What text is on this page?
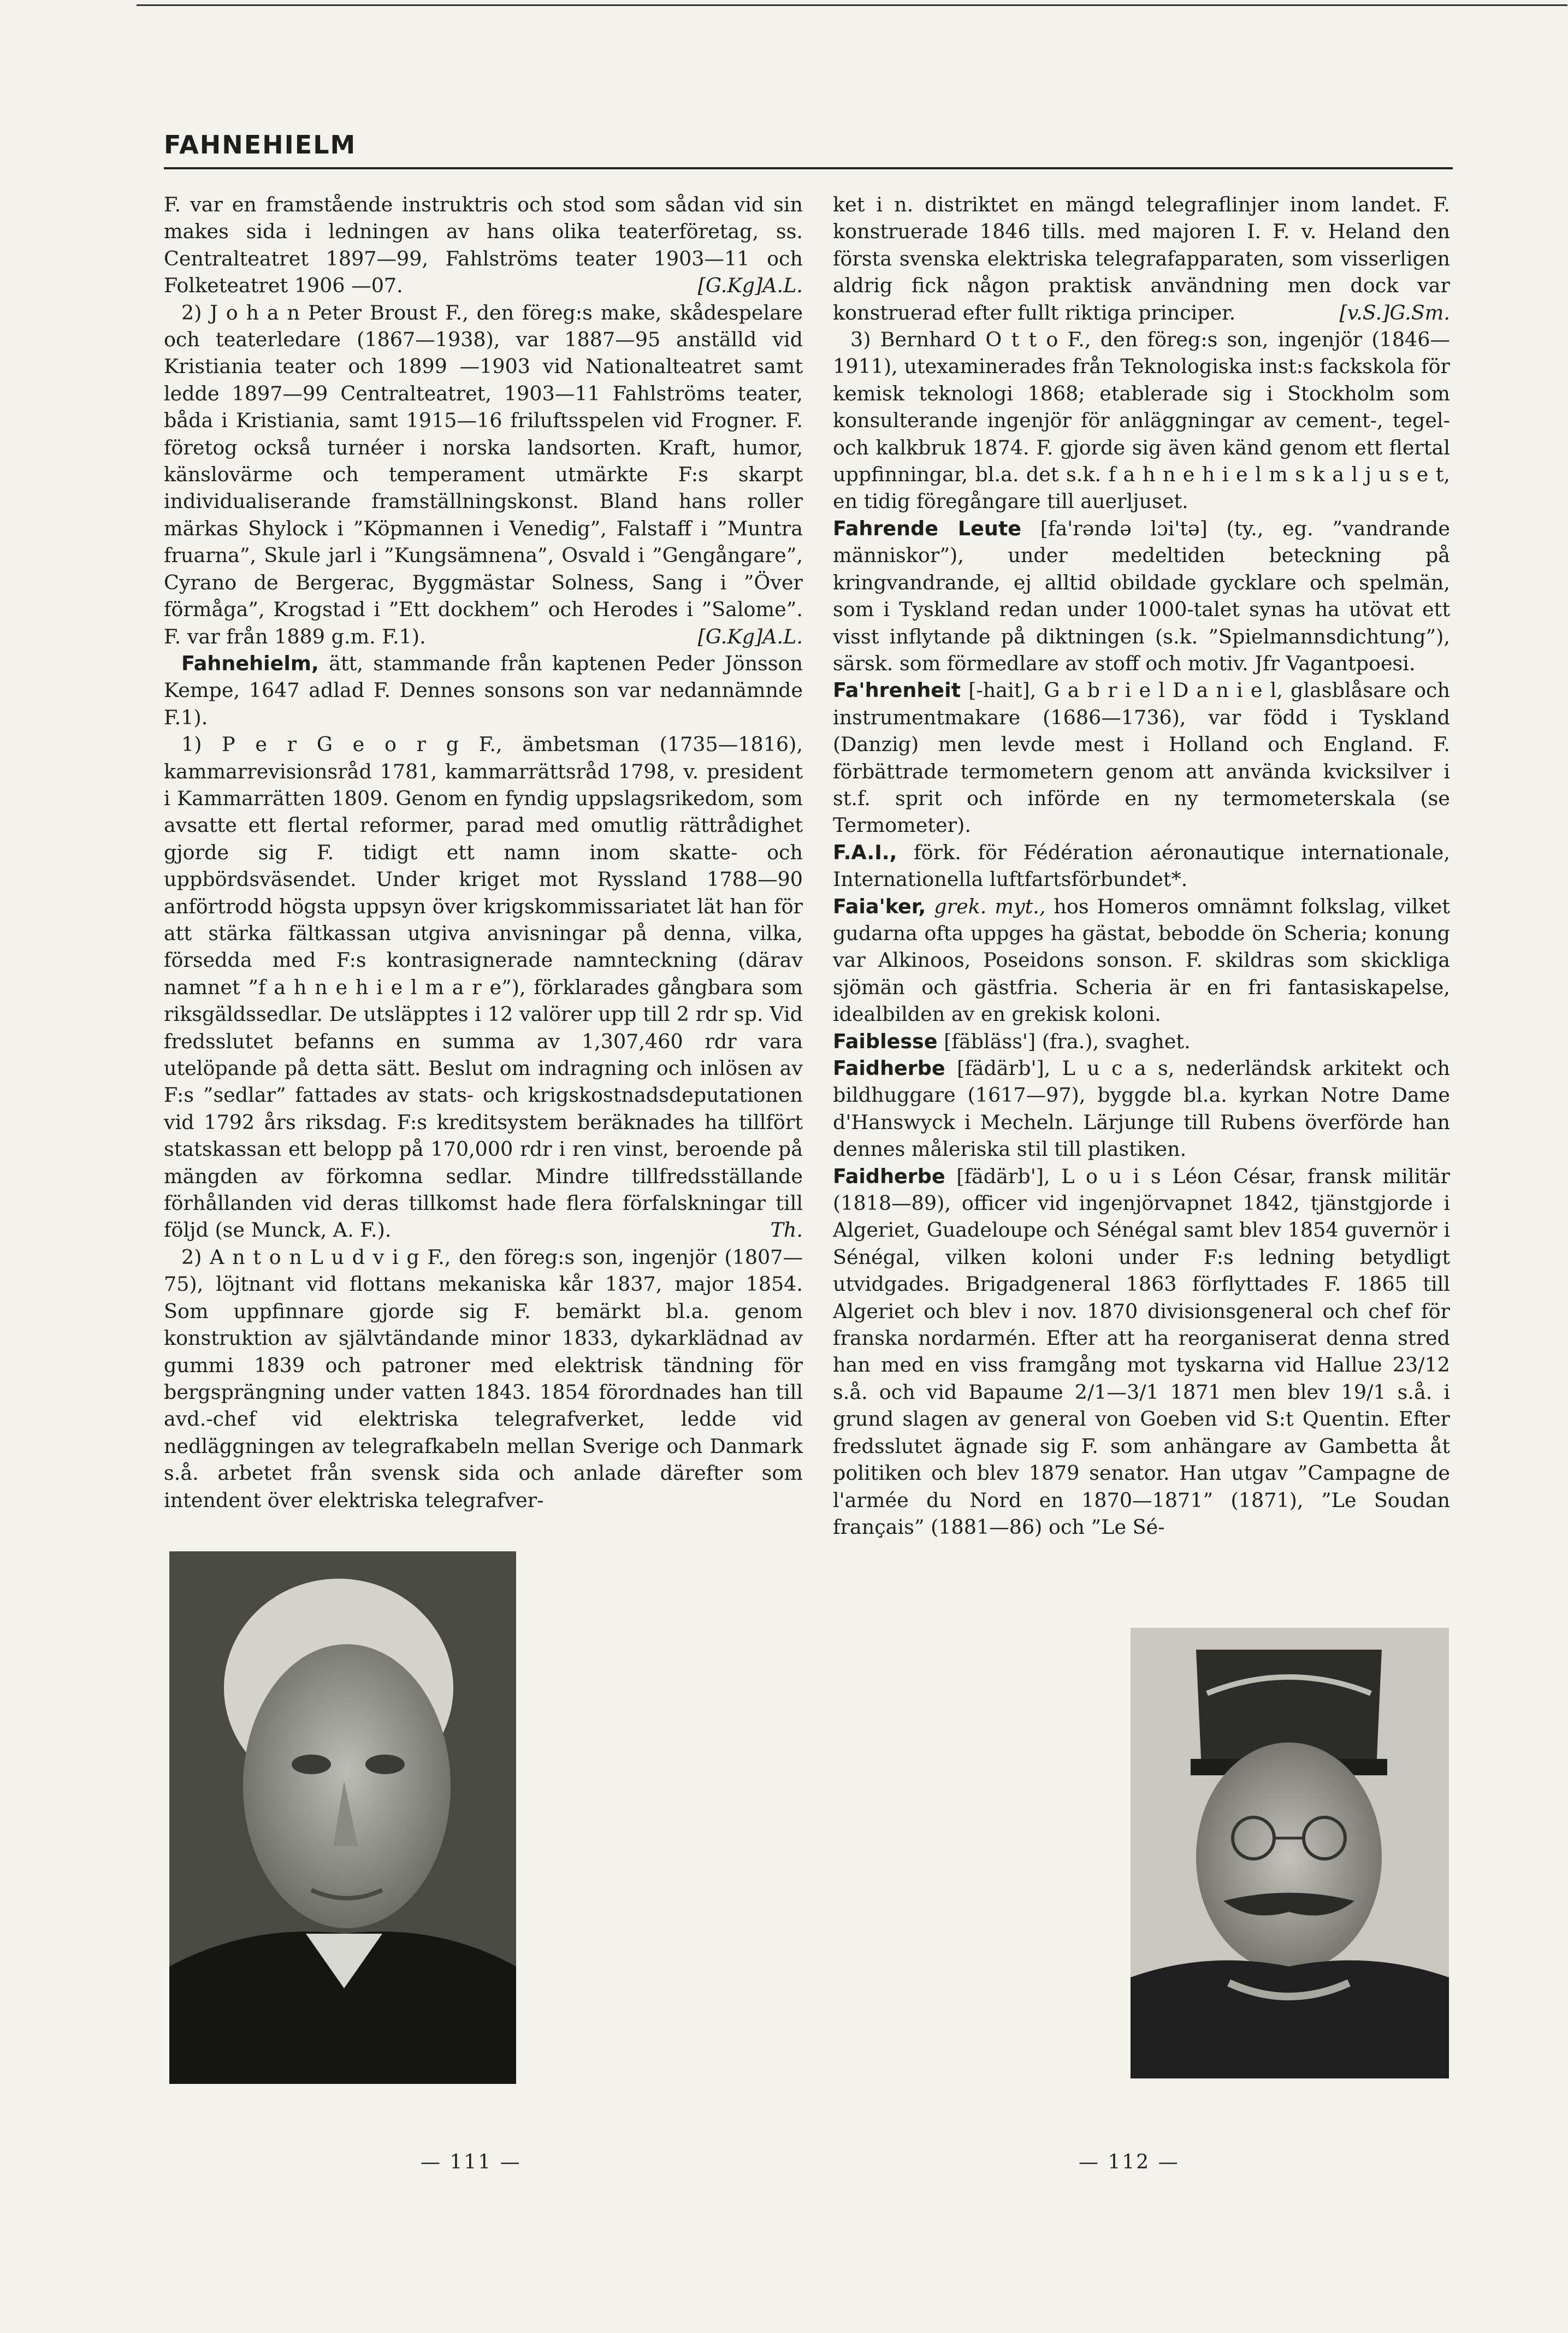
FAHNEHIELM

F. var en framstående instruktris och stod som sådan vid sin makes sida i ledningen av hans olika teaterföretag, ss. Centralteatret 1897—99, Fahlströms teater 1903—11 och Folketeatret 1906 —07.	[G.Kg]A.L.

2) J o h a n Peter Broust F., den föreg:s make, skådespelare och teaterledare (1867—1938), var 1887—95 anställd vid Kristiania teater och 1899 —1903 vid Nationalteatret samt ledde 1897—99 Centralteatret, 1903—11 Fahlströms teater, båda i Kristiania, samt 1915—16 friluftsspelen vid Frogner. F. företog också turnéer i norska landsorten. Kraft, humor, känslovärme och temperament utmärkte F:s skarpt individualiserande framställningskonst. Bland hans roller märkas Shylock i ”Köpmannen i Venedig”, Falstaff i ”Muntra fruarna”, Skule jarl i ”Kungsämnena”, Osvald i ”Gengångare”, Cyrano de Bergerac, Byggmästar Solness, Sang i ”Över förmåga”, Krogstad i ”Ett dockhem” och Herodes i ”Salome”. F. var från 1889 g.m. F.1).	[G.Kg]A.L.

Fahnehielm, ätt, stammande från kaptenen Peder Jönsson Kempe, 1647 adlad F. Dennes sonsons son var nedannämnde F.1).

1) P e r G e o r g F., ämbetsman (1735—1816), kammarrevisionsråd 1781, kammarrättsråd 1798, v. president i Kammarrätten 1809. Genom en fyndig uppslagsrikedom, som avsatte ett flertal reformer, parad med omutlig rättrådighet gjorde sig F. tidigt ett namn inom skatte- och uppbördsväsendet. Under kriget mot Ryssland 1788—90 anförtrodd högsta uppsyn över krigskommissariatet lät han för att stärka fältkassan utgiva anvisningar på denna, vilka, försedda med F:s kontrasignerade namnteckning (därav namnet ”f a h n e h i e l m a r e”), förklarades gångbara som riksgäldssedlar. De utsläpptes i 12 valörer upp till 2 rdr sp. Vid fredsslutet befanns en summa av 1,307,460 rdr vara utelöpande på detta sätt. Beslut om indragning och inlösen av F:s ”sedlar” fattades av stats- och krigskostnadsdeputationen vid 1792 års riksdag. F:s kreditsystem beräknades ha tillfört statskassan ett belopp på 170,000 rdr i ren vinst, beroende på mängden av förkomna sedlar. Mindre tillfredsställande förhållanden vid deras tillkomst hade flera förfalskningar till följd (se Munck, A. F.).	Th.

2) A n t o n L u d v i g F., den föreg:s son, ingenjör (1807—75), löjtnant vid flottans mekaniska kår 1837, major 1854. Som uppfinnare gjorde sig F. bemärkt bl.a. genom konstruktion av självtändande minor 1833, dykarklädnad av gummi 1839 och patroner med elektrisk tändning för bergsprängning under vatten 1843. 1854 förordnades han till avd.-chef vid elektriska telegrafverket, ledde vid nedläggningen av telegrafkabeln mellan Sverige och Danmark s.å. arbetet från svensk sida och anlade därefter som intendent över elektriska telegrafver-

ket i n. distriktet en mängd telegraflinjer inom landet. F. konstruerade 1846 tills. med majoren I. F. v. Heland den första svenska elektriska telegrafapparaten, som visserligen aldrig fick någon praktisk användning men dock var konstruerad efter fullt riktiga principer.	[v.S.]G.Sm.

3) Bernhard O t t o F., den föreg:s son, ingenjör (1846—1911), utexaminerades från Teknologiska inst:s fackskola för kemisk teknologi 1868; etablerade sig i Stockholm som konsulterande ingenjör för anläggningar av cement-, tegel- och kalkbruk 1874. F. gjorde sig även känd genom ett flertal uppfinningar, bl.a. det s.k. f a h n e h i e l m s k a l j u s e t, en tidig föregångare till auerljuset.

Fahrende Leute [fa'rəndə lɔi'tə] (ty., eg. ”vandrande människor”), under medeltiden beteckning på kringvandrande, ej alltid obildade gycklare och spelmän, som i Tyskland redan under 1000-talet synas ha utövat ett visst inflytande på diktningen (s.k. ”Spielmannsdichtung”), särsk. som förmedlare av stoff och motiv. Jfr Vagantpoesi.

Fa'hrenheit [-hait], G a b r i e l D a n i e l, glasblåsare och instrumentmakare (1686—1736), var född i Tyskland (Danzig) men levde mest i Holland och England. F. förbättrade termometern genom att använda kvicksilver i st.f. sprit och införde en ny termometerskala (se Termometer).

F.A.I., förk. för Fédération aéronautique internationale, Internationella luftfartsförbundet*.

Faia'ker, grek. myt., hos Homeros omnämnt folkslag, vilket gudarna ofta uppges ha gästat, bebodde ön Scheria; konung var Alkinoos, Poseidons sonson. F. skildras som skickliga sjömän och gästfria. Scheria är en fri fantasiskapelse, idealbilden av en grekisk koloni.

Faiblesse [fäbläss'] (fra.), svaghet.

Faidherbe [fädärb'], L u c a s, nederländsk arkitekt och bildhuggare (1617—97), byggde bl.a. kyrkan Notre Dame d'Hanswyck i Mecheln. Lärjunge till Rubens överförde han dennes måleriska stil till plastiken.

Faidherbe [fädärb'], L o u i s Léon César, fransk militär (1818—89), officer vid ingenjörvapnet 1842, tjänstgjorde i Algeriet, Guadeloupe och Sénégal samt blev 1854 guvernör i Sénégal, vilken koloni under F:s ledning betydligt utvidgades. Brigadgeneral 1863 förflyttades F. 1865 till Algeriet och blev i nov. 1870 divisionsgeneral och chef för franska nordarmén. Efter att ha reorganiserat denna stred han med en viss framgång mot tyskarna vid Hallue 23/12 s.å. och vid Bapaume 2/1—3/1 1871 men blev 19/1 s.å. i grund slagen av general von Goeben vid S:t Quentin. Efter fredsslutet ägnade sig F. som anhängare av Gambetta åt politiken och blev 1879 senator. Han utgav ”Campagne de l'armée du Nord en 1870—1871” (1871), ”Le Soudan français” (1881—86) och ”Le Sé-

— 111 —	— 112 —
